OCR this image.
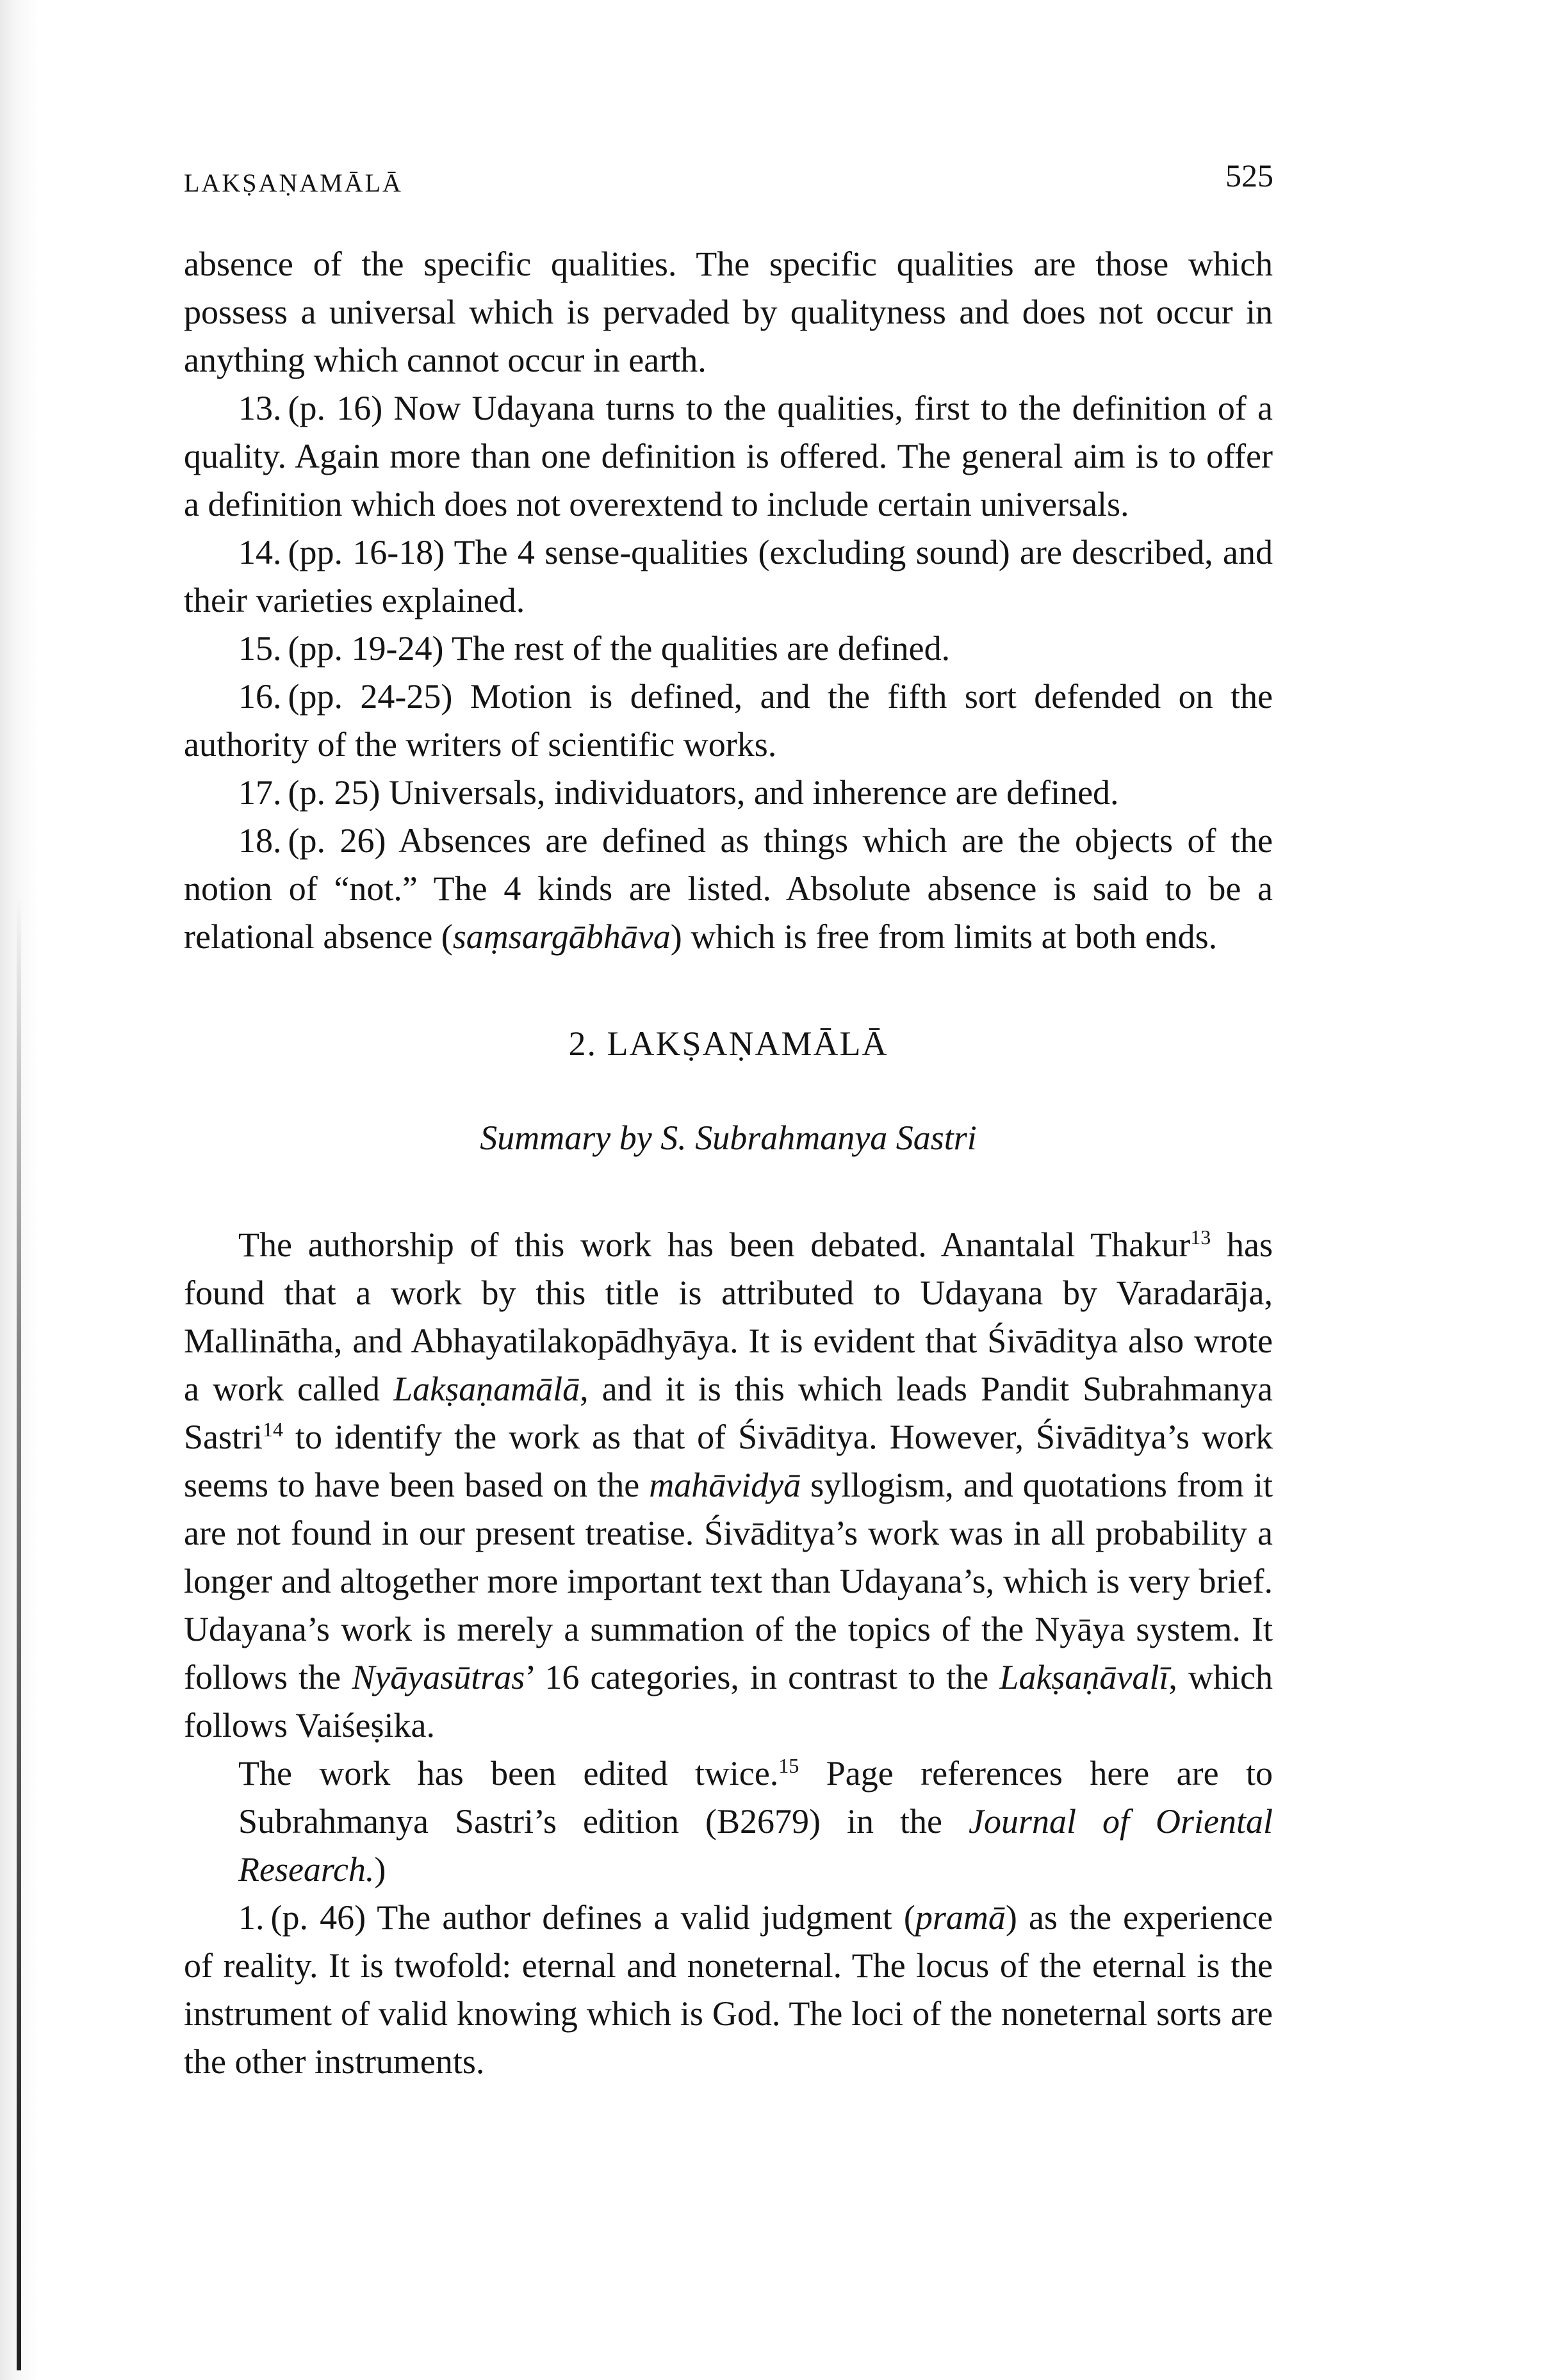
LAKṢAṆAMĀLĀ	525

absence of the specific qualities. The specific qualities are those which possess a universal which is pervaded by qualityness and does not occur in anything which cannot occur in earth.

13. (p. 16) Now Udayana turns to the qualities, first to the definition of a quality. Again more than one definition is offered. The general aim is to offer a definition which does not overextend to include certain universals.

14. (pp. 16-18) The 4 sense-qualities (excluding sound) are described, and their varieties explained.

15. (pp. 19-24) The rest of the qualities are defined.

16. (pp. 24-25) Motion is defined, and the fifth sort defended on the authority of the writers of scientific works.

17. (p. 25) Universals, individuators, and inherence are defined.

18. (p. 26) Absences are defined as things which are the objects of the notion of “not.” The 4 kinds are listed. Absolute absence is said to be a relational absence (saṃsargābhāva) which is free from limits at both ends.

2. LAKṢAṆAMĀLĀ
Summary by S. Subrahmanya Sastri

The authorship of this work has been debated. Anantalal Thakur$^{13}$ has found that a work by this title is attributed to Udayana by Varadarāja, Mallinātha, and Abhayatilakopādhyāya. It is evident that Śivāditya also wrote a work called Lakṣaṇamālā, and it is this which leads Pandit Subrahmanya Sastri$^{14}$ to identify the work as that of Śivāditya. However, Śivāditya’s work seems to have been based on the mahāvidyā syllogism, and quotations from it are not found in our present treatise. Śivāditya’s work was in all probability a longer and altogether more important text than Udayana’s, which is very brief. Udayana’s work is merely a summation of the topics of the Nyāya system. It follows the Nyāyasūtras’ 16 categories, in contrast to the Lakṣaṇāvalī, which follows Vaiśeṣika.

The work has been edited twice.$^{15}$ Page references here are to Subrahmanya Sastri’s edition (B2679) in the Journal of Oriental Research.)

1. (p. 46) The author defines a valid judgment (pramā) as the experience of reality. It is twofold: eternal and noneternal. The locus of the eternal is the instrument of valid knowing which is God. The loci of the noneternal sorts are the other instruments.
